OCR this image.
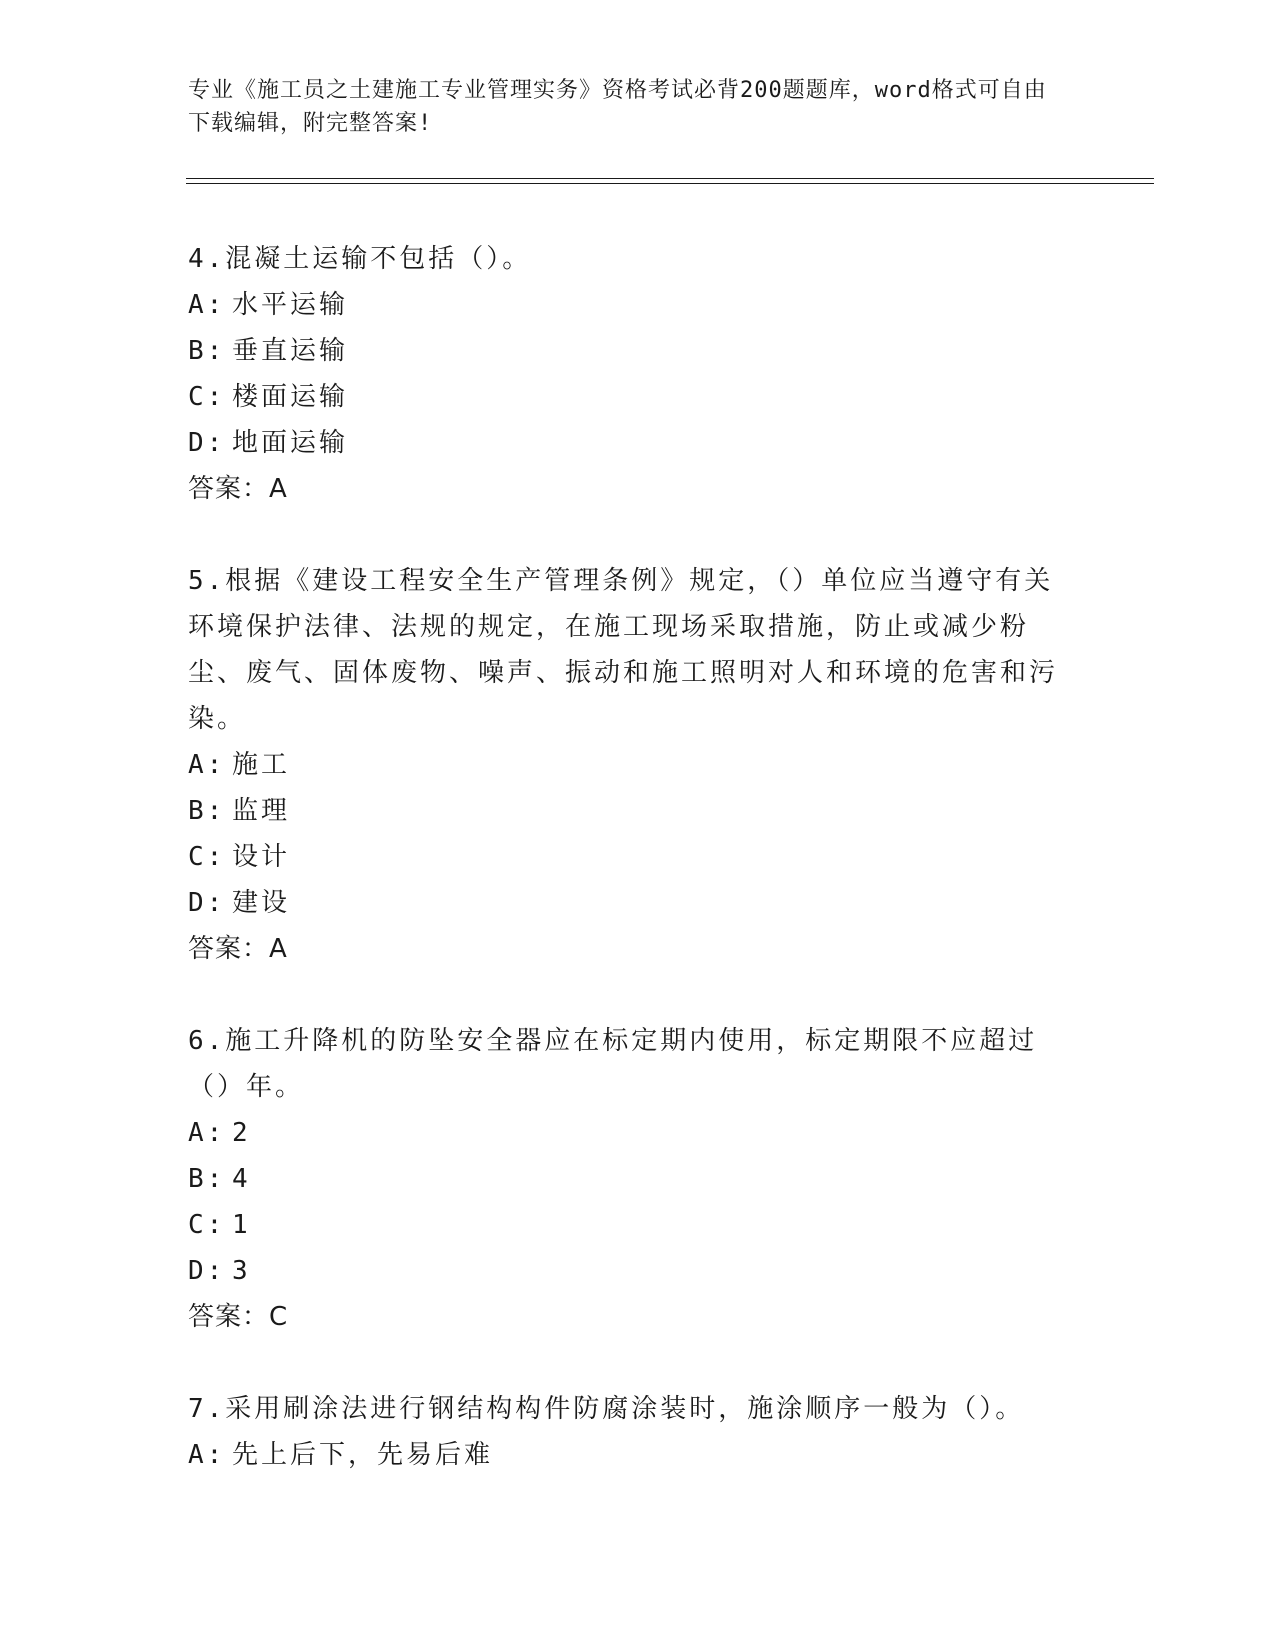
专业《施工员之土建施工专业管理实务》资格考试必背200题题库，word格式可自由下载编辑，附完整答案!

4.混凝土运输不包括（）。

A: 水平运输

B: 垂直运输

C: 楼面运输

D: 地面运输

答案：A

5.根据《建设工程安全生产管理条例》规定，（）单位应当遵守有关环境保护法律、法规的规定，在施工现场采取措施，防止或减少粉尘、废气、固体废物、噪声、振动和施工照明对人和环境的危害和污染。

A: 施工

B: 监理

C: 设计

D: 建设

答案：A

6.施工升降机的防坠安全器应在标定期内使用，标定期限不应超过（）年。

A: 2

B: 4

C: 1

D: 3

答案：C

7.采用刷涂法进行钢结构构件防腐涂装时，施涂顺序一般为（）。

A: 先上后下，先易后难
